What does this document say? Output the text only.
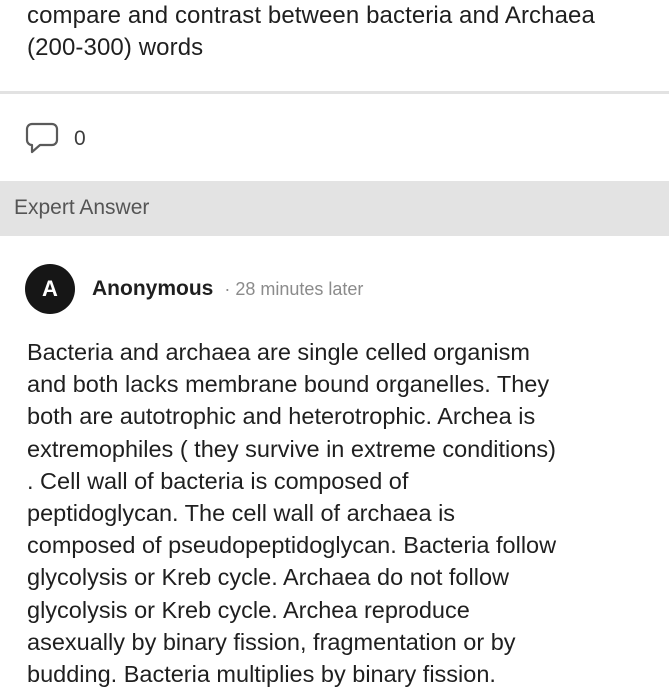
compare and contrast between bacteria and Archaea
(200-300) words
0
Expert Answer
A Anonymous · 28 minutes later
Bacteria and archaea are single celled organism
and both lacks membrane bound organelles. They
both are autotrophic and heterotrophic. Archea is
extremophiles ( they survive in extreme conditions)
. Cell wall of bacteria is composed of
peptidoglycan. The cell wall of archaea is
composed of pseudopeptidoglycan. Bacteria follow
glycolysis or Kreb cycle. Archaea do not follow
glycolysis or Kreb cycle. Archea reproduce
asexually by binary fission, fragmentation or by
budding. Bacteria multiplies by binary fission.
